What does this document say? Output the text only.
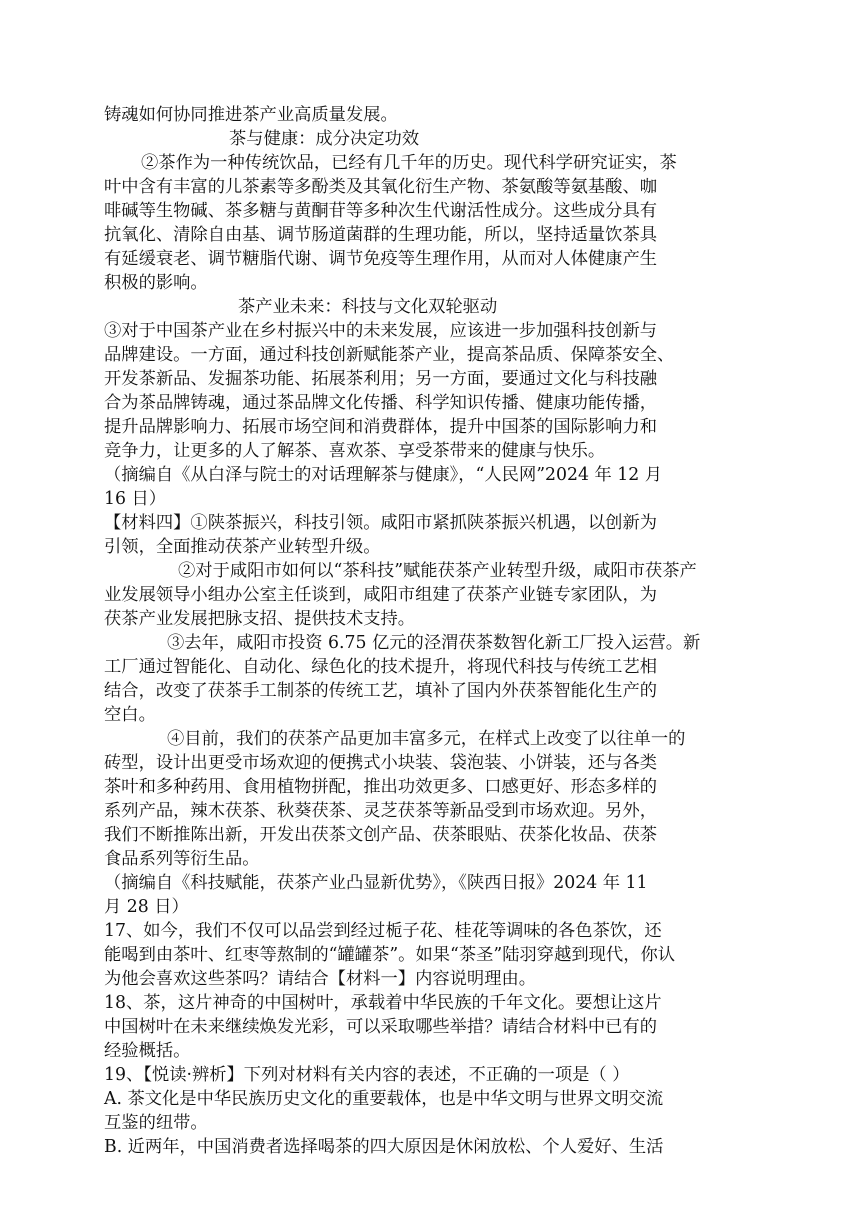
铸魂如何协同推进茶产业高质量发展。
茶与健康：成分决定功效
②茶作为一种传统饮品，已经有几千年的历史。现代科学研究证实，茶
叶中含有丰富的儿茶素等多酚类及其氧化衍生产物、茶氨酸等氨基酸、咖
啡碱等生物碱、茶多糖与黄酮苷等多种次生代谢活性成分。这些成分具有
抗氧化、清除自由基、调节肠道菌群的生理功能，所以，坚持适量饮茶具
有延缓衰老、调节糖脂代谢、调节免疫等生理作用，从而对人体健康产生
积极的影响。
茶产业未来：科技与文化双轮驱动
③对于中国茶产业在乡村振兴中的未来发展，应该进一步加强科技创新与
品牌建设。一方面，通过科技创新赋能茶产业，提高茶品质、保障茶安全、
开发茶新品、发掘茶功能、拓展茶利用；另一方面，要通过文化与科技融
合为茶品牌铸魂，通过茶品牌文化传播、科学知识传播、健康功能传播，
提升品牌影响力、拓展市场空间和消费群体，提升中国茶的国际影响力和
竞争力，让更多的人了解茶、喜欢茶、享受茶带来的健康与快乐。
（摘编自《从白泽与院士的对话理解茶与健康》，“人民网”2024 年 12 月
16 日）
【材料四】①陕茶振兴，科技引领。咸阳市紧抓陕茶振兴机遇，以创新为
引领，全面推动茯茶产业转型升级。
②对于咸阳市如何以“茶科技”赋能茯茶产业转型升级，咸阳市茯茶产
业发展领导小组办公室主任谈到，咸阳市组建了茯茶产业链专家团队，为
茯茶产业发展把脉支招、提供技术支持。
③去年，咸阳市投资 6.75 亿元的泾渭茯茶数智化新工厂投入运营。新
工厂通过智能化、自动化、绿色化的技术提升，将现代科技与传统工艺相
结合，改变了茯茶手工制茶的传统工艺，填补了国内外茯茶智能化生产的
空白。
④目前，我们的茯茶产品更加丰富多元，在样式上改变了以往单一的
砖型，设计出更受市场欢迎的便携式小块装、袋泡装、小饼装，还与各类
茶叶和多种药用、食用植物拼配，推出功效更多、口感更好、形态多样的
系列产品，辣木茯茶、秋葵茯茶、灵芝茯茶等新品受到市场欢迎。另外，
我们不断推陈出新，开发出茯茶文创产品、茯茶眼贴、茯茶化妆品、茯茶
食品系列等衍生品。
（摘编自《科技赋能，茯茶产业凸显新优势》，《陕西日报》2024 年 11
月 28 日）
17、如今，我们不仅可以品尝到经过栀子花、桂花等调味的各色茶饮，还
能喝到由茶叶、红枣等熬制的“罐罐茶”。如果“茶圣”陆羽穿越到现代，你认
为他会喜欢这些茶吗？请结合【材料一】内容说明理由。
18、茶，这片神奇的中国树叶，承载着中华民族的千年文化。要想让这片
中国树叶在未来继续焕发光彩，可以采取哪些举措？请结合材料中已有的
经验概括。
19、【悦读·辨析】下列对材料有关内容的表述，不正确的一项是（ ）
A. 茶文化是中华民族历史文化的重要载体，也是中华文明与世界文明交流
互鉴的纽带。
B. 近两年，中国消费者选择喝茶的四大原因是休闲放松、个人爱好、生活
